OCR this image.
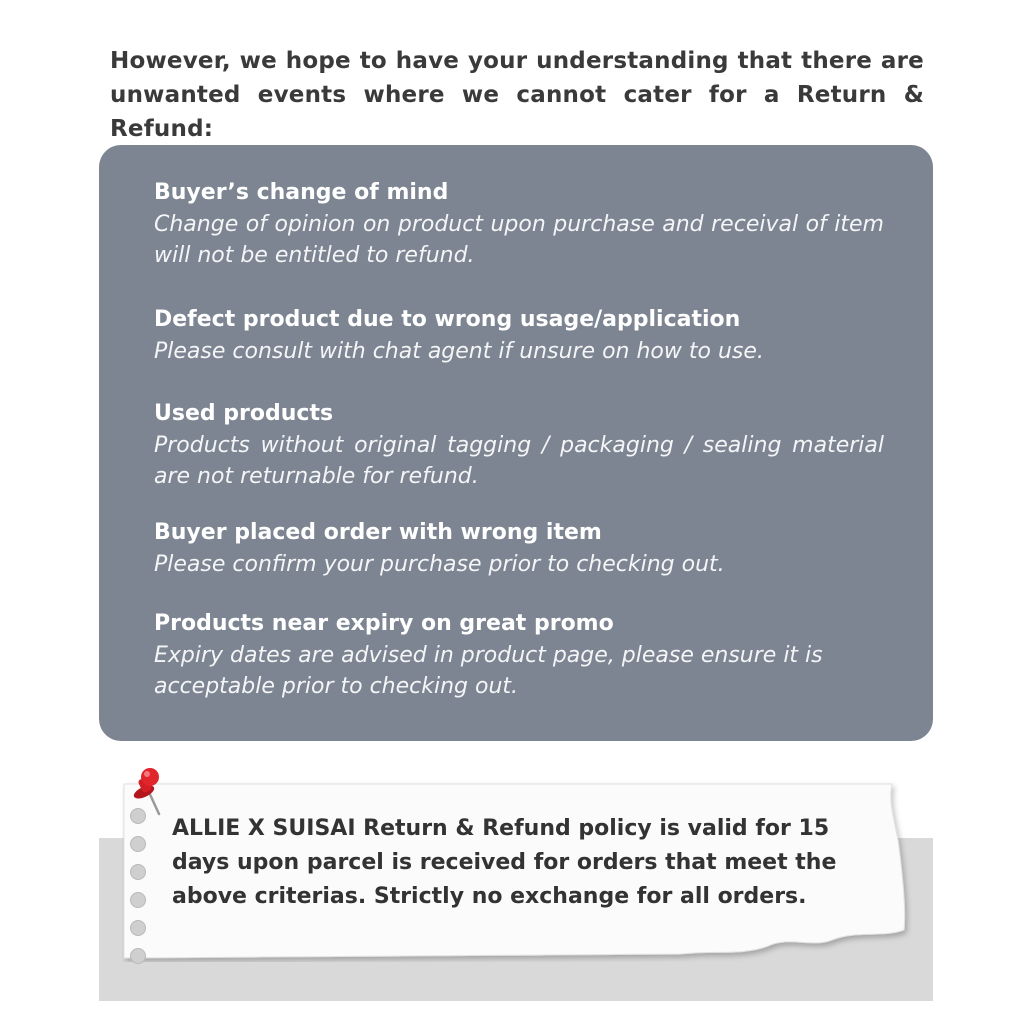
However, we hope to have your understanding that there are
unwanted events where we cannot cater for a Return & Refund:
Buyer’s change of mind
Change of opinion on product upon purchase and receival of item will not be entitled to refund.
Defect product due to wrong usage/application
Please consult with chat agent if unsure on how to use.
Used products
Products without original tagging / packaging / sealing material are not returnable for refund.
Buyer placed order with wrong item
Please confirm your purchase prior to checking out.
Products near expiry on great promo
Expiry dates are advised in product page, please ensure it is acceptable prior to checking out.
ALLIE X SUISAI Return & Refund policy is valid for 15 days upon parcel is received for orders that meet the above criterias. Strictly no exchange for all orders.
